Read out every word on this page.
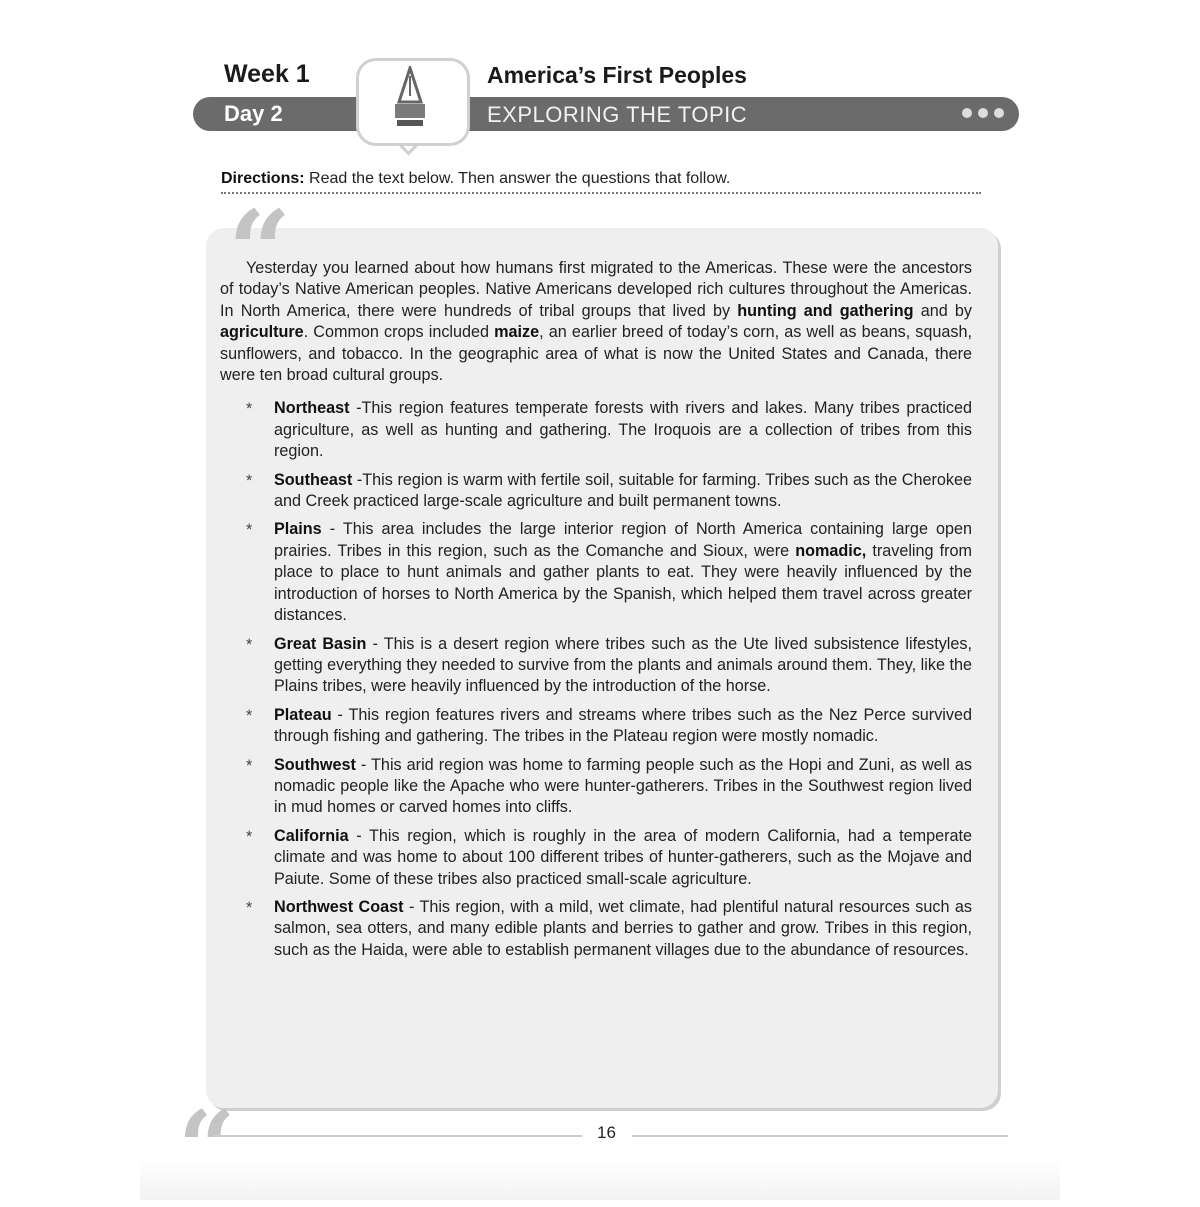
Week 1	America’s First Peoples
Day 2	EXPLORING THE TOPIC
Directions: Read the text below. Then answer the questions that follow.
“

Yesterday you learned about how humans first migrated to the Americas. These were the ancestors of today’s Native American peoples. Native Americans developed rich cultures throughout the Americas. In North America, there were hundreds of tribal groups that lived by hunting and gathering and by agriculture. Common crops included maize, an earlier breed of today’s corn, as well as beans, squash, sunflowers, and tobacco. In the geographic area of what is now the United States and Canada, there were ten broad cultural groups.

* Northeast -This region features temperate forests with rivers and lakes. Many tribes practiced agriculture, as well as hunting and gathering. The Iroquois are a collection of tribes from this region.
* Southeast -This region is warm with fertile soil, suitable for farming. Tribes such as the Cherokee and Creek practiced large-scale agriculture and built permanent towns.
* Plains - This area includes the large interior region of North America containing large open prairies. Tribes in this region, such as the Comanche and Sioux, were nomadic, traveling from place to place to hunt animals and gather plants to eat. They were heavily influenced by the introduction of horses to North America by the Spanish, which helped them travel across greater distances.
* Great Basin - This is a desert region where tribes such as the Ute lived subsistence lifestyles, getting everything they needed to survive from the plants and animals around them. They, like the Plains tribes, were heavily influenced by the introduction of the horse.
* Plateau - This region features rivers and streams where tribes such as the Nez Perce survived through fishing and gathering. The tribes in the Plateau region were mostly nomadic.
* Southwest - This arid region was home to farming people such as the Hopi and Zuni, as well as nomadic people like the Apache who were hunter-gatherers. Tribes in the Southwest region lived in mud homes or carved homes into cliffs.
* California - This region, which is roughly in the area of modern California, had a temperate climate and was home to about 100 different tribes of hunter-gatherers, such as the Mojave and Paiute. Some of these tribes also practiced small-scale agriculture.
* Northwest Coast - This region, with a mild, wet climate, had plentiful natural resources such as salmon, sea otters, and many edible plants and berries to gather and grow. Tribes in this region, such as the Haida, were able to establish permanent villages due to the abundance of resources.
“	16
